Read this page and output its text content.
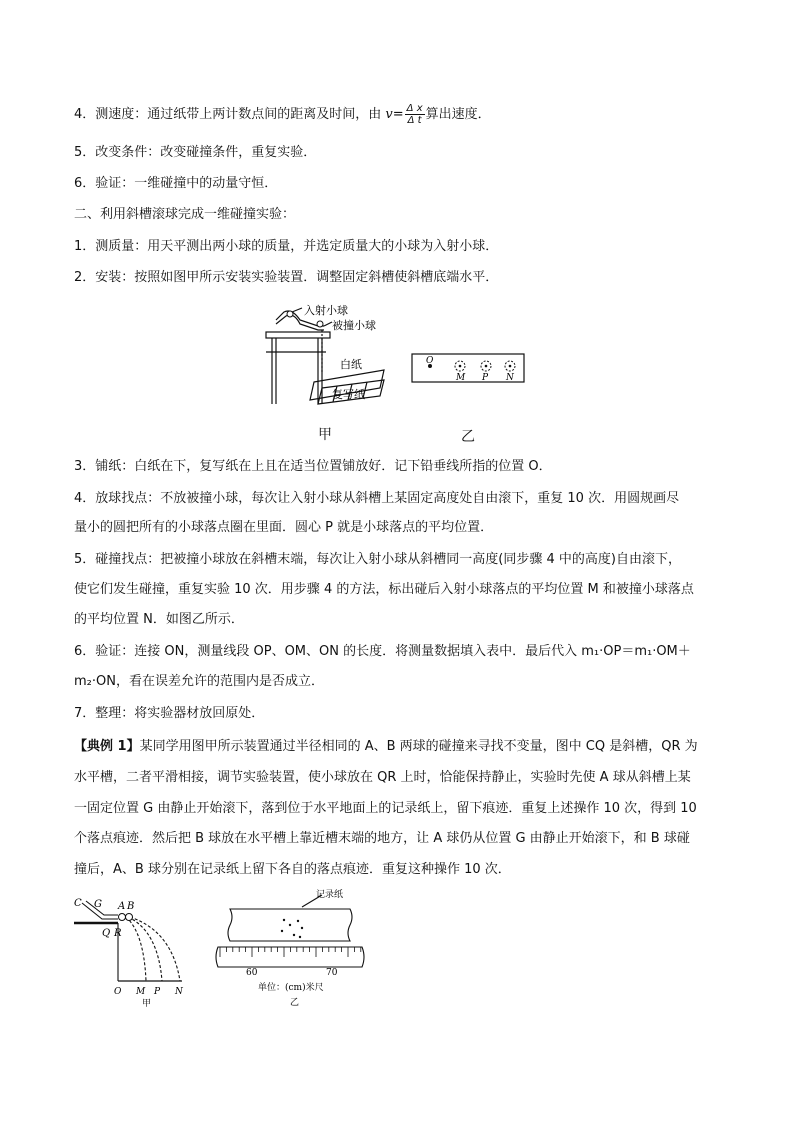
4．测速度：通过纸带上两计数点间的距离及时间，由 $v= \frac{\text{Δ x}}{\text{Δ t}}$ 算出速度．
5．改变条件：改变碰撞条件，重复实验．
6．验证：一维碰撞中的动量守恒．
二、利用斜槽滚球完成一维碰撞实验：
1．测质量：用天平测出两小球的质量，并选定质量大的小球为入射小球．
2．安装：按照如图甲所示安装实验装置．调整固定斜槽使斜槽底端水平．
入射小球
被撞小球
白纸
复写纸
O
M P N
甲	乙
3．铺纸：白纸在下，复写纸在上且在适当位置铺放好．记下铅垂线所指的位置 O．
4．放球找点：不放被撞小球，每次让入射小球从斜槽上某固定高度处自由滚下，重复 10 次．用圆规画尽
量小的圆把所有的小球落点圈在里面．圆心 P 就是小球落点的平均位置．
5．碰撞找点：把被撞小球放在斜槽末端，每次让入射小球从斜槽同一高度(同步骤 4 中的高度)自由滚下，
使它们发生碰撞，重复实验 10 次．用步骤 4 的方法，标出碰后入射小球落点的平均位置 M 和被撞小球落点
的平均位置 N．如图乙所示．
6．验证：连接 ON，测量线段 OP、OM、ON 的长度．将测量数据填入表中．最后代入 m₁·OP＝m₁·OM＋
m₂·ON，看在误差允许的范围内是否成立．
7．整理：将实验器材放回原处．
【典例 1】某同学用图甲所示装置通过半径相同的 A、B 两球的碰撞来寻找不变量，图中 CQ 是斜槽，QR 为
水平槽，二者平滑相接，调节实验装置，使小球放在 QR 上时，恰能保持静止，实验时先使 A 球从斜槽上某
一固定位置 G 由静止开始滚下，落到位于水平地面上的记录纸上，留下痕迹．重复上述操作 10 次，得到 10
个落点痕迹．然后把 B 球放在水平槽上靠近槽末端的地方，让 A 球仍从位置 G 由静止开始滚下，和 B 球碰
撞后，A、B 球分别在记录纸上留下各自的落点痕迹．重复这种操作 10 次．
C G A B
Q R
O M P N
甲
记录纸
60	70
单位：(cm)米尺
乙
